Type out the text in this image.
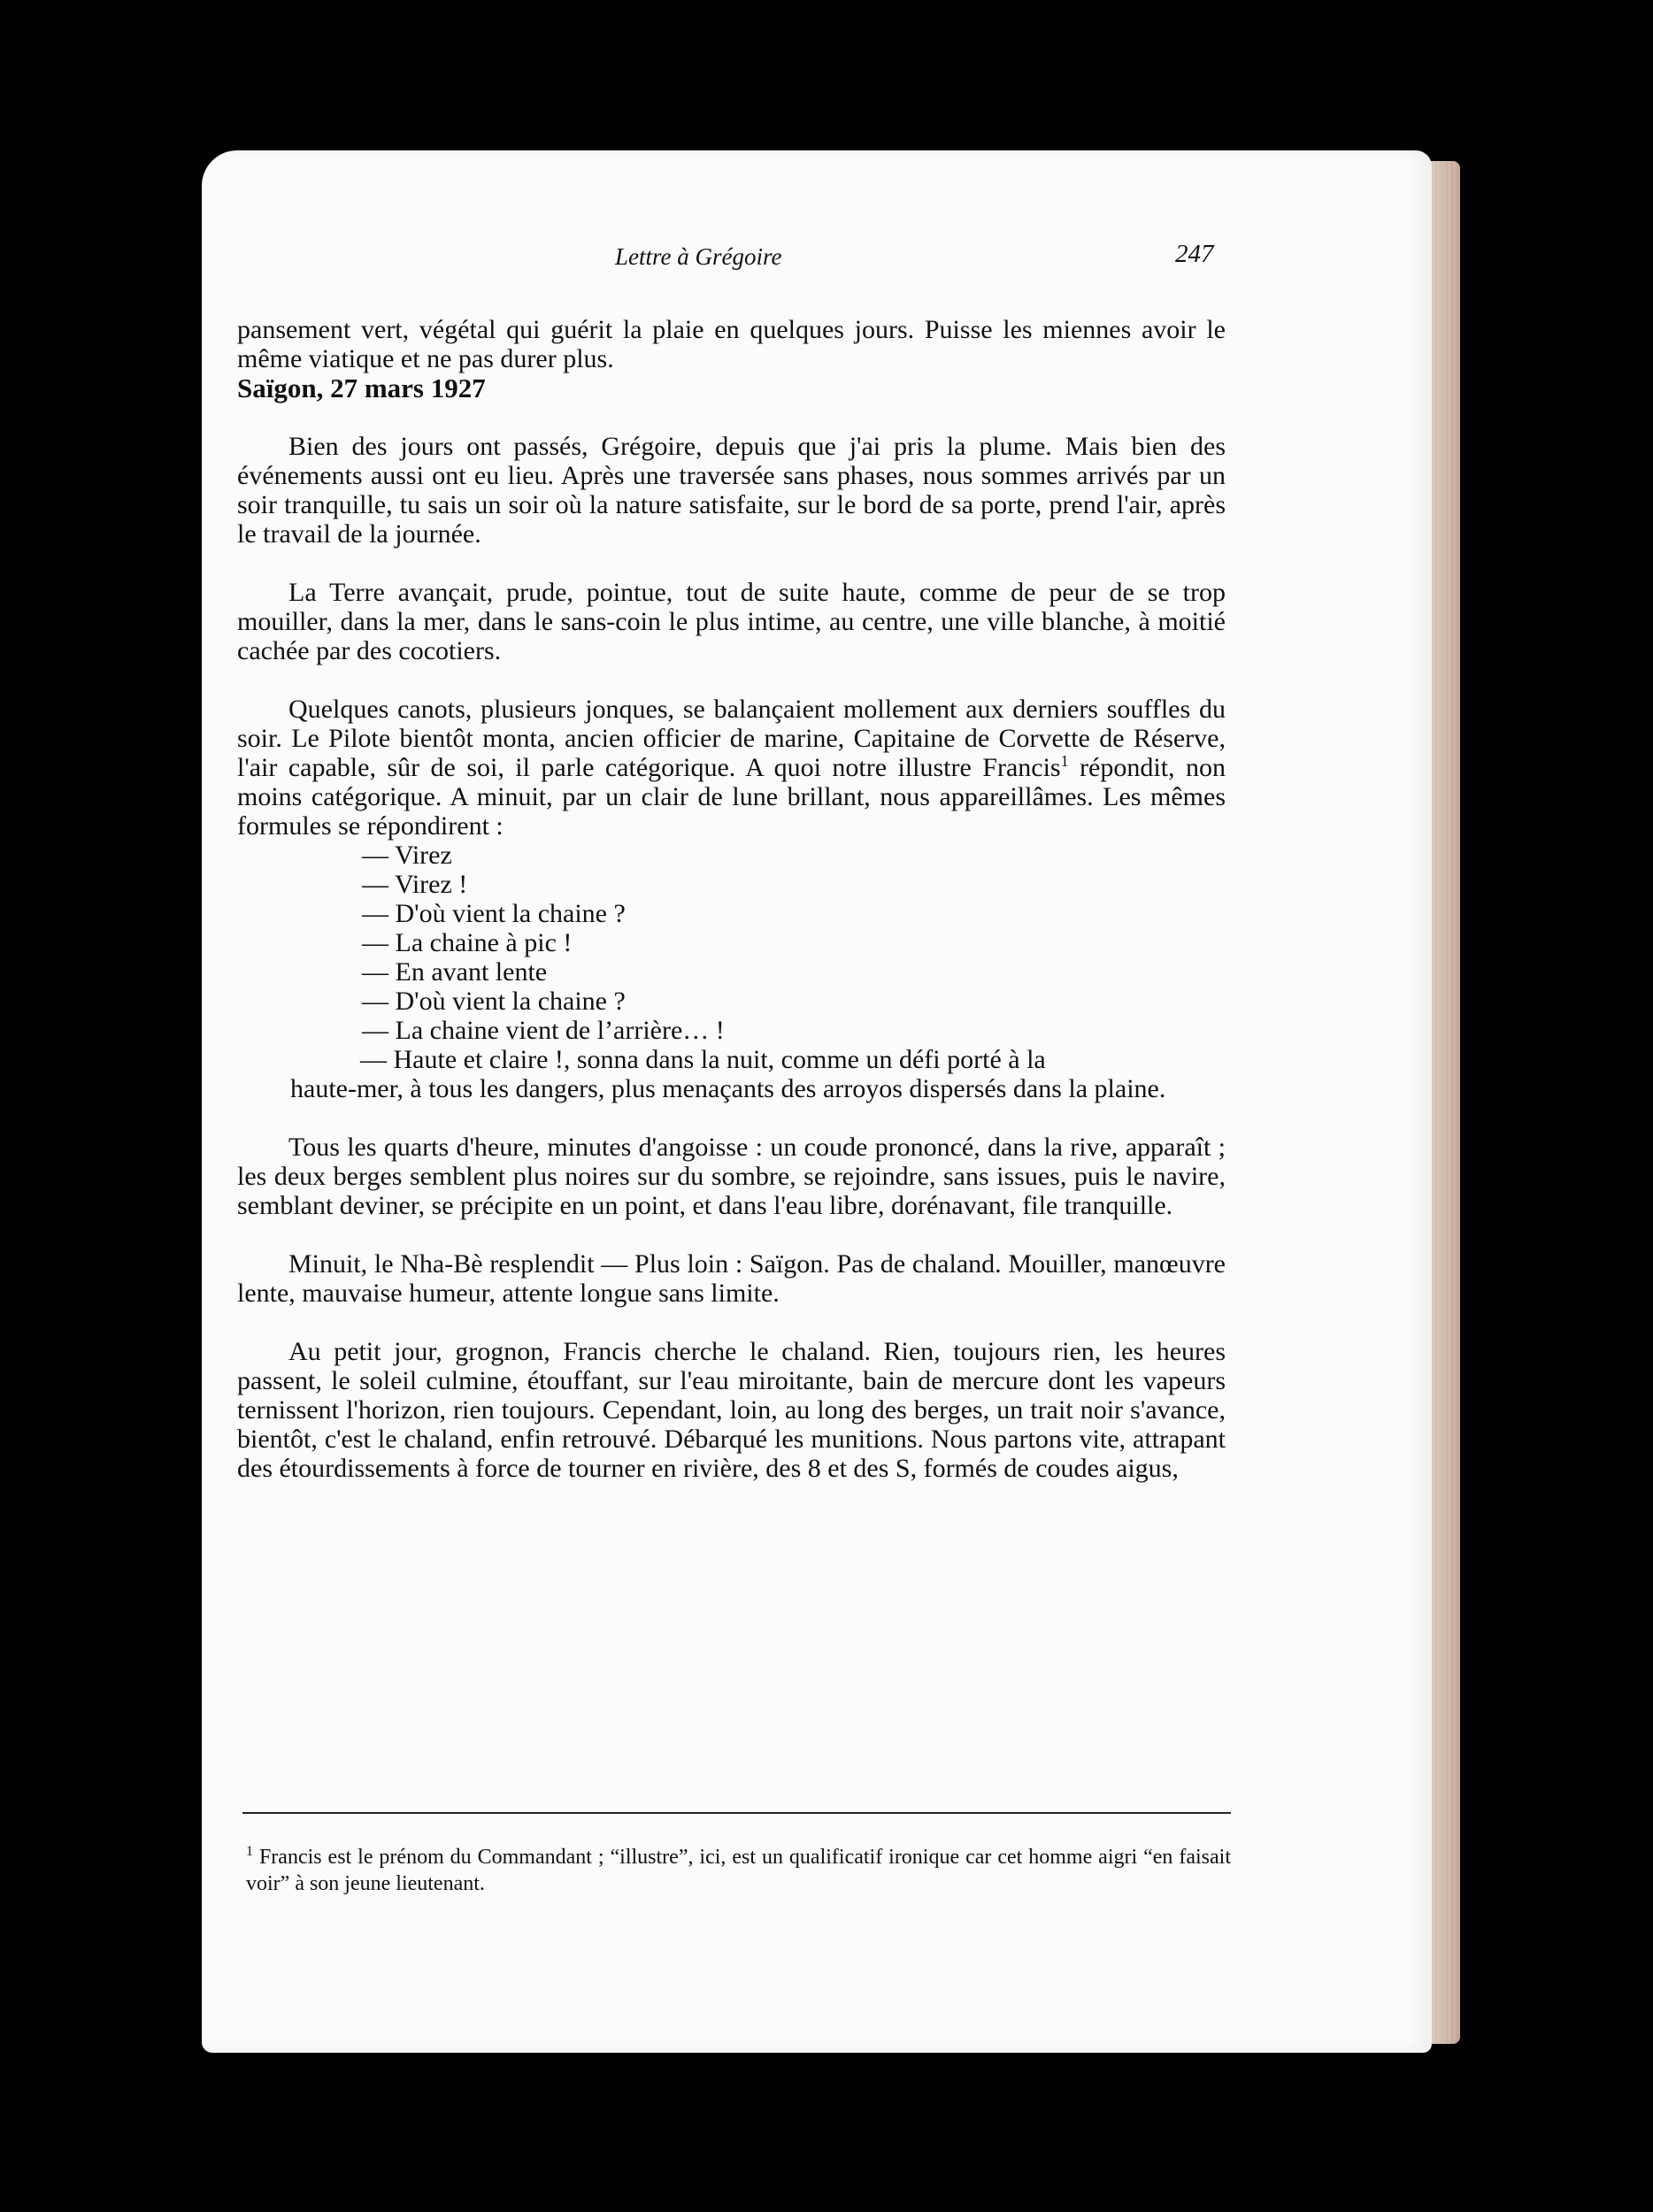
Lettre à Grégoire	247

pansement vert, végétal qui guérit la plaie en quelques jours. Puisse les miennes avoir le même viatique et ne pas durer plus.

Saïgon, 27 mars 1927

Bien des jours ont passés, Grégoire, depuis que j'ai pris la plume. Mais bien des événements aussi ont eu lieu. Après une traversée sans phases, nous sommes arrivés par un soir tranquille, tu sais un soir où la nature satisfaite, sur le bord de sa porte, prend l'air, après le travail de la journée.

La Terre avançait, prude, pointue, tout de suite haute, comme de peur de se trop mouiller, dans la mer, dans le sans-coin le plus intime, au centre, une ville blanche, à moitié cachée par des cocotiers.

Quelques canots, plusieurs jonques, se balançaient mollement aux derniers souffles du soir. Le Pilote bientôt monta, ancien officier de marine, Capitaine de Corvette de Réserve, l'air capable, sûr de soi, il parle catégorique. A quoi notre illustre Francis$^1$ répondit, non moins catégorique. A minuit, par un clair de lune brillant, nous appareillâmes. Les mêmes formules se répondirent :

— Virez
— Virez !
— D'où vient la chaine ?
— La chaine à pic !
— En avant lente
— D'où vient la chaine ?
— La chaine vient de l’arrière… !
— Haute et claire !, sonna dans la nuit, comme un défi porté à la

haute-mer, à tous les dangers, plus menaçants des arroyos dispersés dans la plaine.

Tous les quarts d'heure, minutes d'angoisse : un coude prononcé, dans la rive, apparaît ; les deux berges semblent plus noires sur du sombre, se rejoindre, sans issues, puis le navire, semblant deviner, se précipite en un point, et dans l'eau libre, dorénavant, file tranquille.

Minuit, le Nha-Bè resplendit — Plus loin : Saïgon. Pas de chaland. Mouiller, manœuvre lente, mauvaise humeur, attente longue sans limite.

Au petit jour, grognon, Francis cherche le chaland. Rien, toujours rien, les heures passent, le soleil culmine, étouffant, sur l'eau miroitante, bain de mercure dont les vapeurs ternissent l'horizon, rien toujours. Cependant, loin, au long des berges, un trait noir s'avance, bientôt, c'est le chaland, enfin retrouvé. Débarqué les munitions. Nous partons vite, attrapant des étourdissements à force de tourner en rivière, des 8 et des S, formés de coudes aigus,

$^1$ Francis est le prénom du Commandant ; “illustre”, ici, est un qualificatif ironique car cet homme aigri “en faisait voir” à son jeune lieutenant.
